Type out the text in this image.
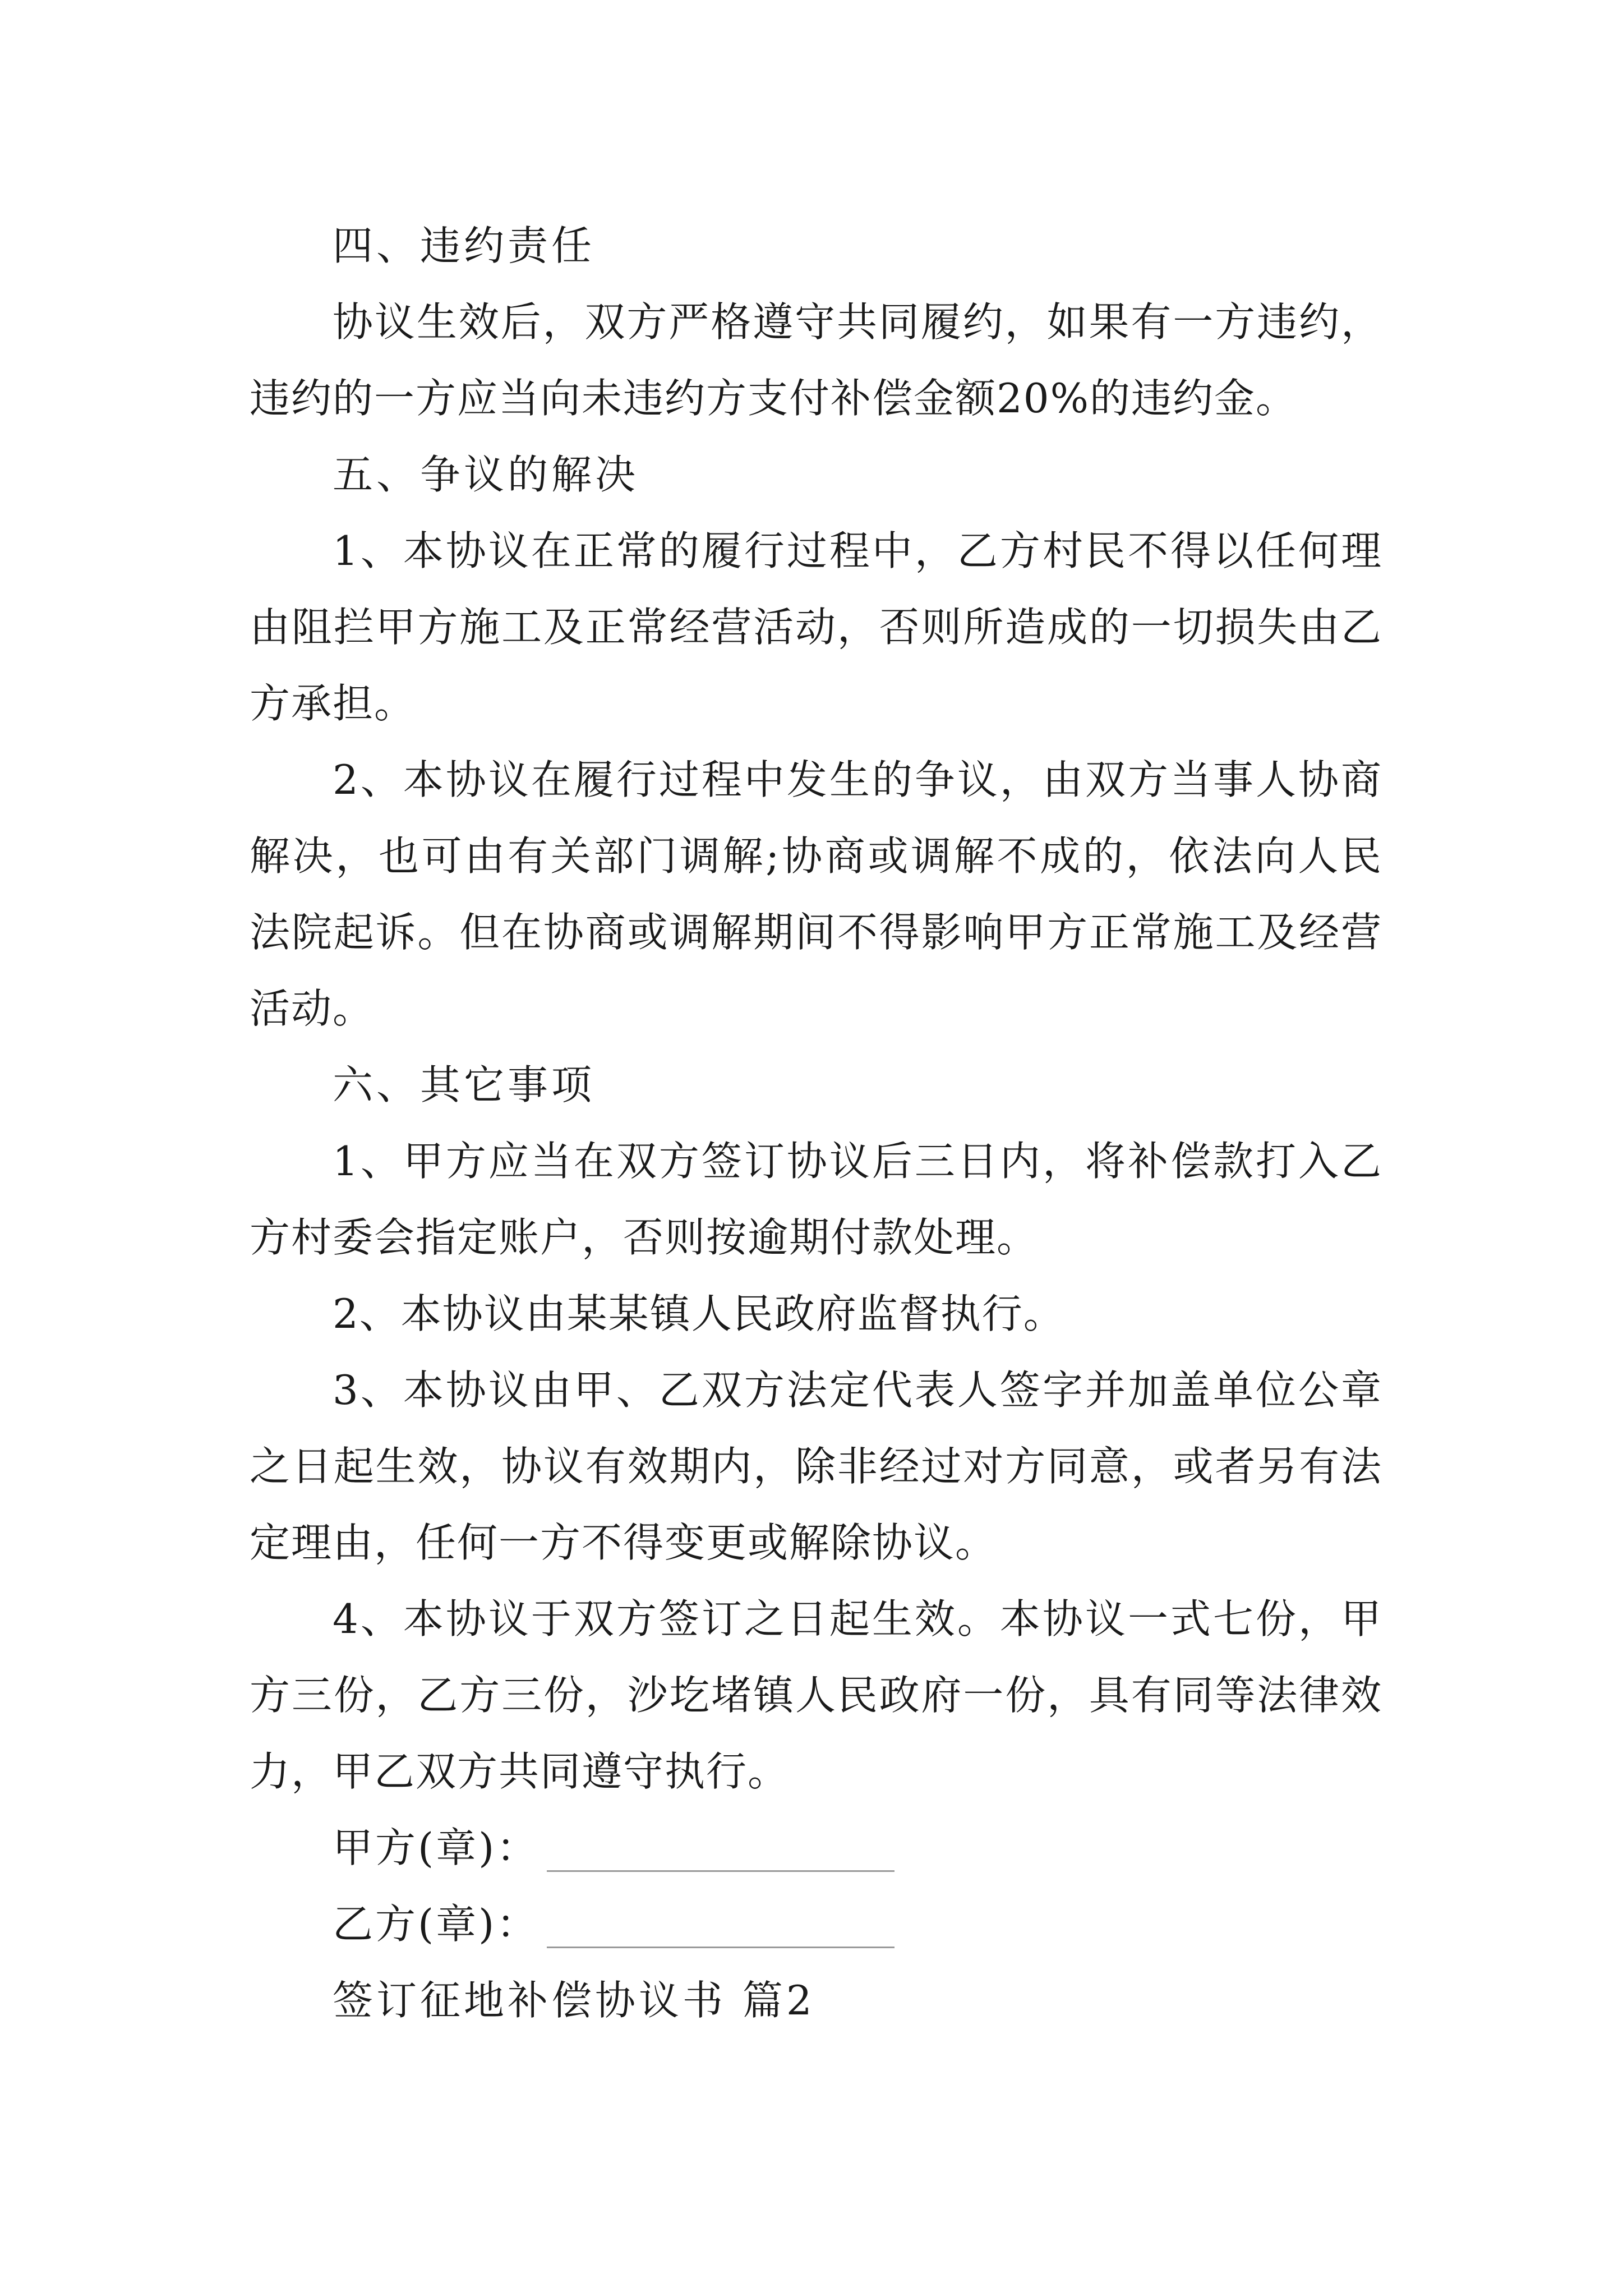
四、违约责任

协议生效后，双方严格遵守共同履约，如果有一方违约，违约的一方应当向未违约方支付补偿金额20%的违约金。

五、争议的解决

1、本协议在正常的履行过程中，乙方村民不得以任何理由阻拦甲方施工及正常经营活动，否则所造成的一切损失由乙方承担。

2、本协议在履行过程中发生的争议，由双方当事人协商解决，也可由有关部门调解;协商或调解不成的，依法向人民法院起诉。但在协商或调解期间不得影响甲方正常施工及经营活动。

六、其它事项

1、甲方应当在双方签订协议后三日内，将补偿款打入乙方村委会指定账户，否则按逾期付款处理。

2、本协议由某某镇人民政府监督执行。

3、本协议由甲、乙双方法定代表人签字并加盖单位公章之日起生效，协议有效期内，除非经过对方同意，或者另有法定理由，任何一方不得变更或解除协议。

4、本协议于双方签订之日起生效。本协议一式七份，甲方三份，乙方三份，沙圪堵镇人民政府一份，具有同等法律效力，甲乙双方共同遵守执行。

甲方(章)：
乙方(章)：

签订征地补偿协议书 篇2
